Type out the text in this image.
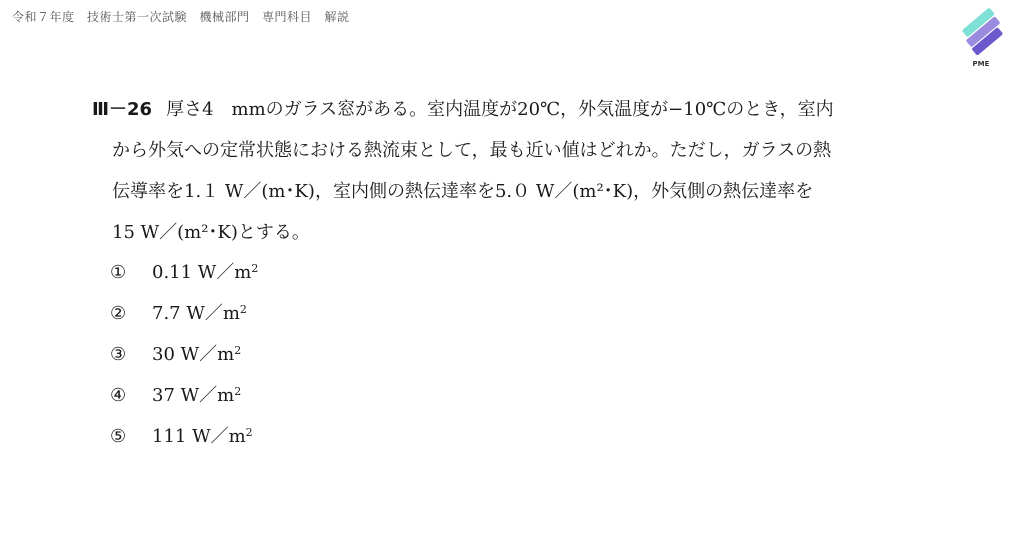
令和７年度　技術士第一次試験　機械部門　専門科目　解説
PME
Ⅲ－26 厚さ4　mmのガラス窓がある。室内温度が20℃，外気温度が−10℃のとき，室内
から外気への定常状態における熱流束として，最も近い値はどれか。ただし，ガラスの熱
伝導率を1.１ W／(m･K)，室内側の熱伝達率を5.０ W／(m²･K)，外気側の熱伝達率を
15 W／(m²･K)とする。
① 0.11 $W/m^2$
② 7.7 $W/m^2$
③ 30 $W/m^2$
④ 37 $W/m^2$
⑤ 111 $W/m^2$
